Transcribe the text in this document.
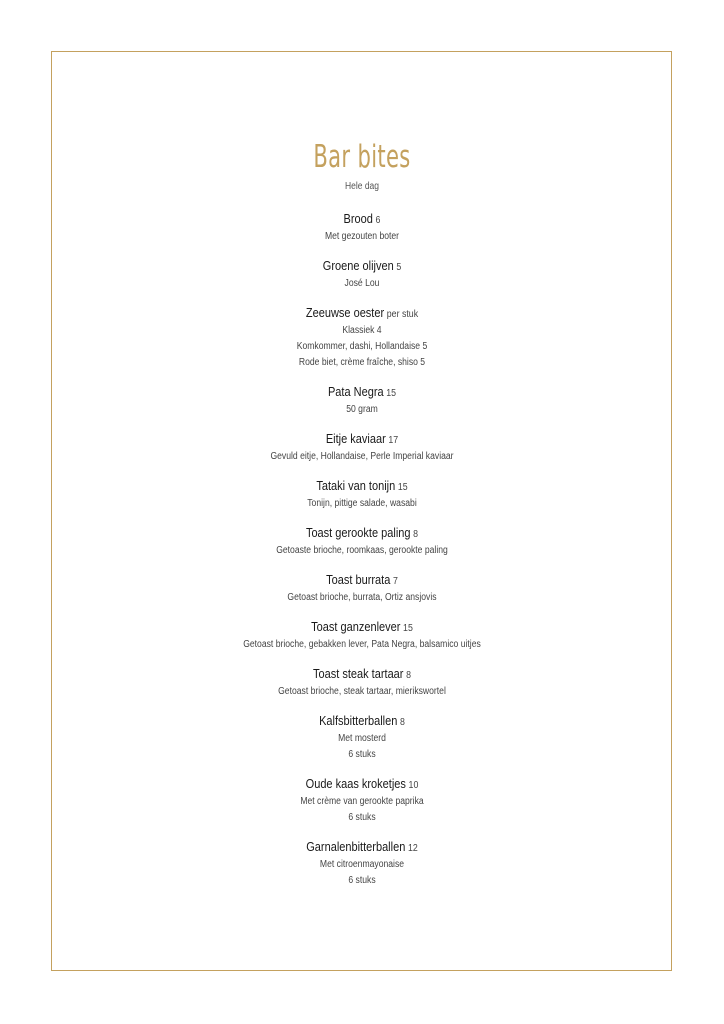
Bar bites
Hele dag
Brood 6
Met gezouten boter
Groene olijven 5
José Lou
Zeeuwse oester per stuk
Klassiek 4
Komkommer, dashi, Hollandaise 5
Rode biet, crème fraîche, shiso 5
Pata Negra 15
50 gram
Eitje kaviaar 17
Gevuld eitje, Hollandaise, Perle Imperial kaviaar
Tataki van tonijn 15
Tonijn, pittige salade, wasabi
Toast gerookte paling 8
Getoaste brioche, roomkaas, gerookte paling
Toast burrata 7
Getoast brioche, burrata, Ortiz ansjovis
Toast ganzenlever 15
Getoast brioche, gebakken lever, Pata Negra, balsamico uitjes
Toast steak tartaar 8
Getoast brioche, steak tartaar, mierikswortel
Kalfsbitterballen 8
Met mosterd
6 stuks
Oude kaas kroketjes 10
Met crème van gerookte paprika
6 stuks
Garnalenbitterballen 12
Met citroenmayonaise
6 stuks
